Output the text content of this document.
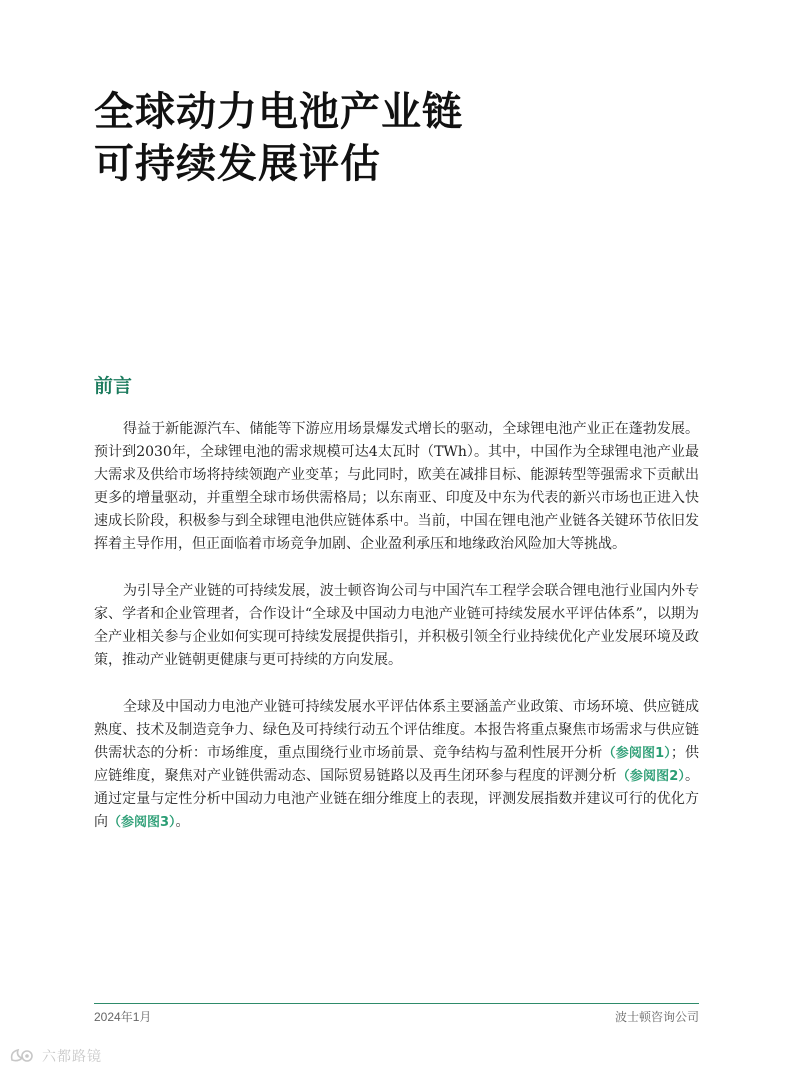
全球动力电池产业链
可持续发展评估
前言

得益于新能源汽车、储能等下游应用场景爆发式增长的驱动，全球锂电池产业正在蓬勃发展。预计到2030年，全球锂电池的需求规模可达4太瓦时（TWh）。其中，中国作为全球锂电池产业最大需求及供给市场将持续领跑产业变革；与此同时，欧美在减排目标、能源转型等强需求下贡献出更多的增量驱动，并重塑全球市场供需格局；以东南亚、印度及中东为代表的新兴市场也正进入快速成长阶段，积极参与到全球锂电池供应链体系中。当前，中国在锂电池产业链各关键环节依旧发挥着主导作用，但正面临着市场竞争加剧、企业盈利承压和地缘政治风险加大等挑战。

为引导全产业链的可持续发展，波士顿咨询公司与中国汽车工程学会联合锂电池行业国内外专家、学者和企业管理者，合作设计“全球及中国动力电池产业链可持续发展水平评估体系”，以期为全产业相关参与企业如何实现可持续发展提供指引，并积极引领全行业持续优化产业发展环境及政策，推动产业链朝更健康与更可持续的方向发展。

全球及中国动力电池产业链可持续发展水平评估体系主要涵盖产业政策、市场环境、供应链成熟度、技术及制造竞争力、绿色及可持续行动五个评估维度。本报告将重点聚焦市场需求与供应链供需状态的分析：市场维度，重点围绕行业市场前景、竞争结构与盈利性展开分析（参阅图1）；供应链维度，聚焦对产业链供需动态、国际贸易链路以及再生闭环参与程度的评测分析（参阅图2）。通过定量与定性分析中国动力电池产业链在细分维度上的表现，评测发展指数并建议可行的优化方向（参阅图3）。

2024年1月	波士顿咨询公司
六都路镜
